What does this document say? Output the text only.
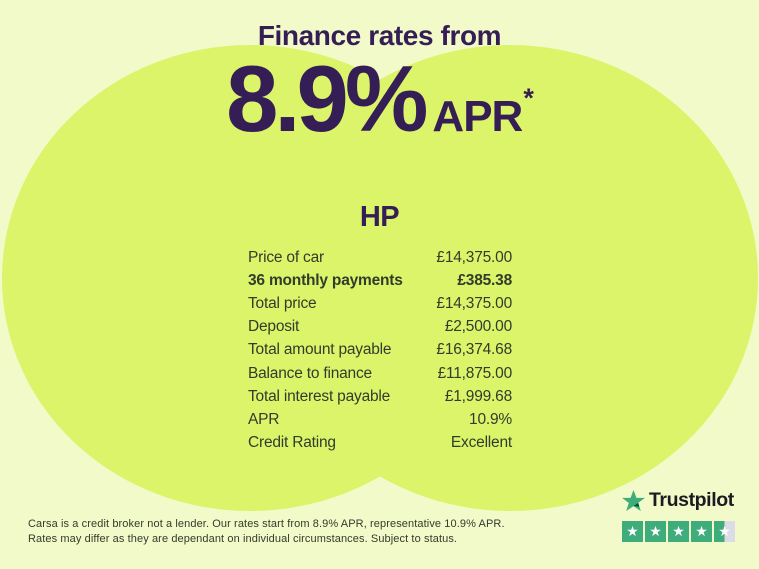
Finance rates from
8.9% APR*
HP
Price of car	£14,375.00
36 monthly payments	£385.38
Total price	£14,375.00
Deposit	£2,500.00
Total amount payable	£16,374.68
Balance to finance	£11,875.00
Total interest payable	£1,999.68
APR	10.9%
Credit Rating	Excellent
Carsa is a credit broker not a lender. Our rates start from 8.9% APR, representative 10.9% APR.
Rates may differ as they are dependant on individual circumstances. Subject to status.
Trustpilot
★ ★ ★ ★ ★
